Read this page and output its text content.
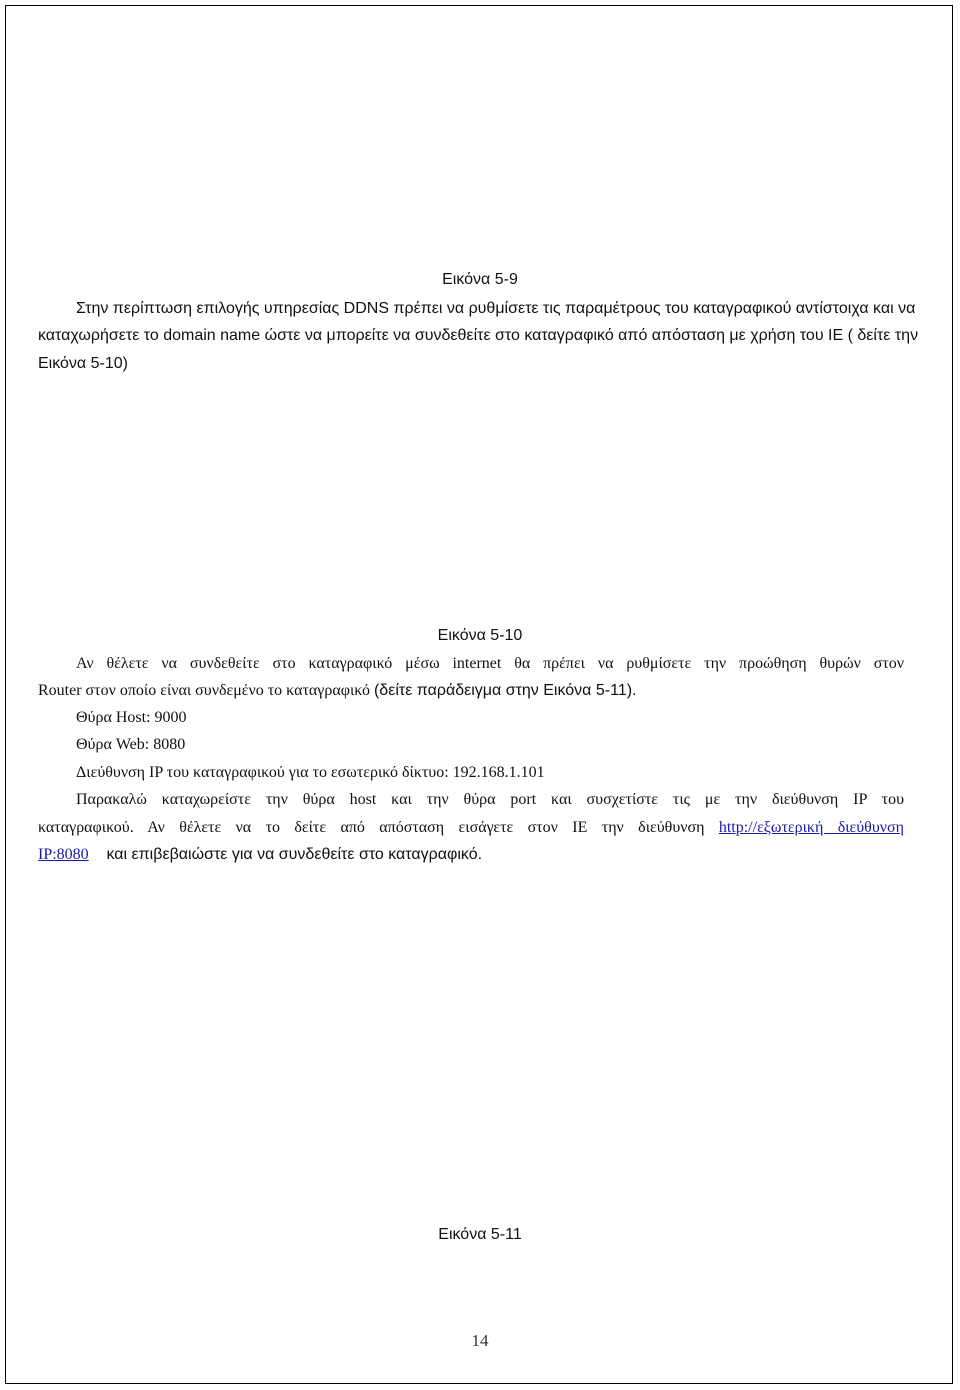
Εικόνα 5-9
Στην περίπτωση επιλογής υπηρεσίας DDNS πρέπει να ρυθμίσετε τις παραμέτρους του καταγραφικού αντίστοιχα και να
καταχωρήσετε το domain name ώστε να μπορείτε να συνδεθείτε στο καταγραφικό από απόσταση με χρήση του IE ( δείτε την
Εικόνα 5-10)
Εικόνα 5-10
Αν θέλετε να συνδεθείτε στο καταγραφικό μέσω internet θα πρέπει να ρυθμίσετε την προώθηση θυρών στον
Router στον οποίο είναι συνδεμένο το καταγραφικό (δείτε παράδειγμα στην Εικόνα 5-11).
Θύρα Host: 9000
Θύρα Web: 8080
Διεύθυνση IP του καταγραφικού για το εσωτερικό δίκτυο: 192.168.1.101
Παρακαλώ καταχωρείστε την θύρα host και την θύρα port και συσχετίστε τις με την διεύθυνση IP του
καταγραφικού. Αν θέλετε να το δείτε από απόσταση εισάγετε στον IE την διεύθυνση http://εξωτερική διεύθυνση
IP:8080    και επιβεβαιώστε για να συνδεθείτε στο καταγραφικό.
Εικόνα 5-11
14
